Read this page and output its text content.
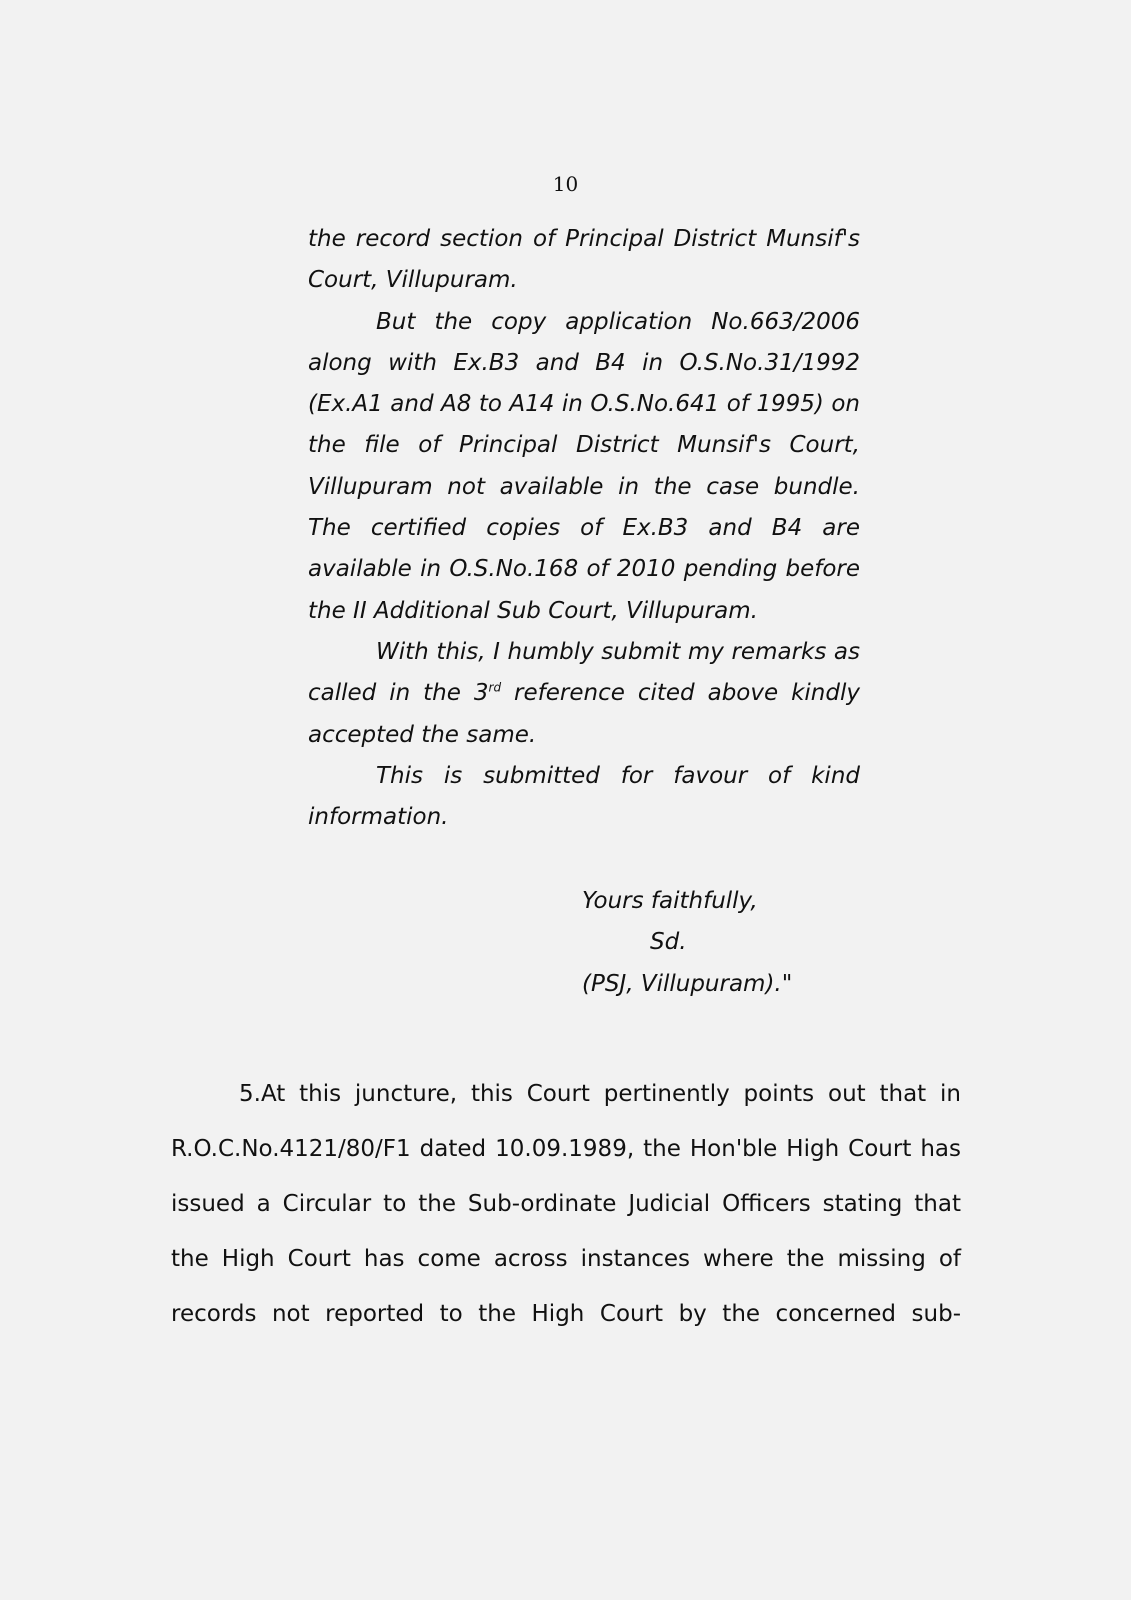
10

the record section of Principal District Munsif's Court, Villupuram.

But the copy application No.663/2006 along with Ex.B3 and B4 in O.S.No.31/1992 (Ex.A1 and A8 to A14 in O.S.No.641 of 1995) on the file of Principal District Munsif's Court, Villupuram not available in the case bundle. The certified copies of Ex.B3 and B4 are available in O.S.No.168 of 2010 pending before the II Additional Sub Court, Villupuram.

With this, I humbly submit my remarks as called in the 3rd reference cited above kindly accepted the same.

This is submitted for favour of kind information.

Yours faithfully,
Sd.
(PSJ, Villupuram)."

5.At this juncture, this Court pertinently points out that in R.O.C.No.4121/80/F1 dated 10.09.1989, the Hon'ble High Court has issued a Circular to the Sub-ordinate Judicial Officers stating that the High Court has come across instances where the missing of records not reported to the High Court by the concerned sub-
